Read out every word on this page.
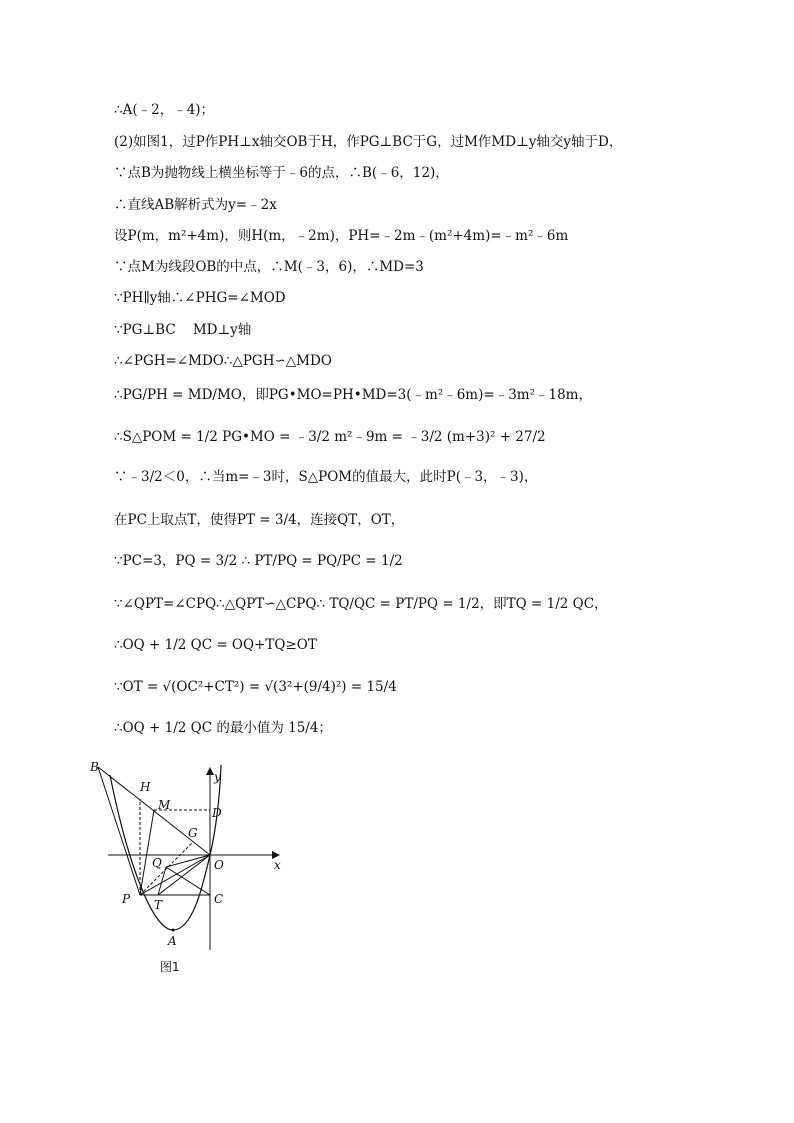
∴A(﹣2，﹣4)；
(2)如图1，过P作PH⊥x轴交OB于H，作PG⊥BC于G，过M作MD⊥y轴交y轴于D，
∵点B为抛物线上横坐标等于﹣6的点，∴B(﹣6，12)，
∴直线AB解析式为y=﹣2x
设P(m，m²+4m)，则H(m，﹣2m)，PH=﹣2m﹣(m²+4m)=﹣m²﹣6m
∵点M为线段OB的中点，∴M(﹣3，6)，∴MD=3
∵PH∥y轴∴∠PHG=∠MOD
∵PG⊥BC    MD⊥y轴
∴∠PGH=∠MDO∴△PGH∽△MDO
∴PG/PH = MD/MO，即PG•MO=PH•MD=3(﹣m²﹣6m)=﹣3m²﹣18m，
∴S△POM = 1/2 PG•MO = ﹣3/2 m²﹣9m = ﹣3/2 (m+3)² + 27/2
∵﹣3/2＜0，∴当m=﹣3时，S△POM的值最大，此时P(﹣3，﹣3)，
在PC上取点T，使得PT = 3/4，连接QT，OT，
∵PC=3，PQ = 3/2 ∴ PT/PQ = PQ/PC = 1/2
∵∠QPT=∠CPQ∴△QPT∽△CPQ∴ TQ/QC = PT/PQ = 1/2，即TQ = 1/2 QC，
∴OQ + 1/2 QC = OQ+TQ≥OT
∵OT = √(OC²+CT²) = √(3²+(9/4)²) = 15/4
∴OQ + 1/2 QC 的最小值为 15/4；
B
H
M
D
G
Q	O	x
y
P T	C
A
图1
